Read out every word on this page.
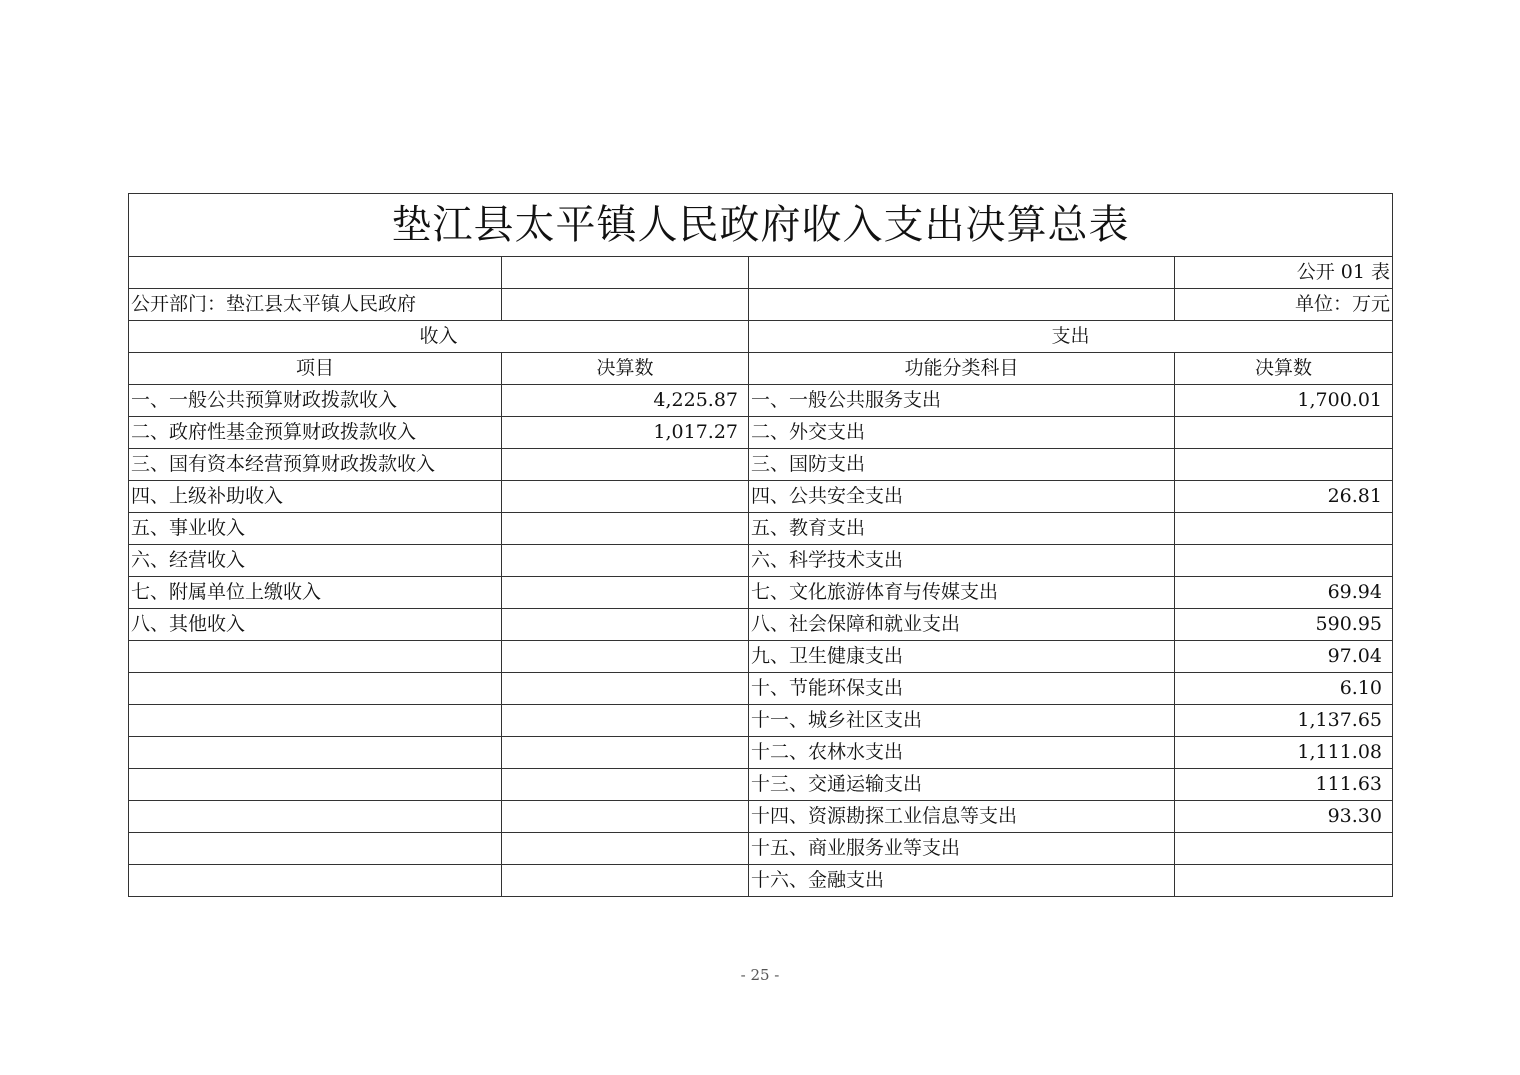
垫江县太平镇人民政府收入支出决算总表			
			公开 01 表
公开部门：垫江县太平镇人民政府			单位：万元
收入		支出	
项目	决算数	功能分类科目	决算数
一、一般公共预算财政拨款收入	4,225.87	一、一般公共服务支出	1,700.01
二、政府性基金预算财政拨款收入	1,017.27	二、外交支出	
三、国有资本经营预算财政拨款收入		三、国防支出	
四、上级补助收入		四、公共安全支出	26.81
五、事业收入		五、教育支出	
六、经营收入		六、科学技术支出	
七、附属单位上缴收入		七、文化旅游体育与传媒支出	69.94
八、其他收入		八、社会保障和就业支出	590.95
		九、卫生健康支出	97.04
		十、节能环保支出	6.10
		十一、城乡社区支出	1,137.65
		十二、农林水支出	1,111.08
		十三、交通运输支出	111.63
		十四、资源勘探工业信息等支出	93.30
		十五、商业服务业等支出	
		十六、金融支出	
- 25 -
